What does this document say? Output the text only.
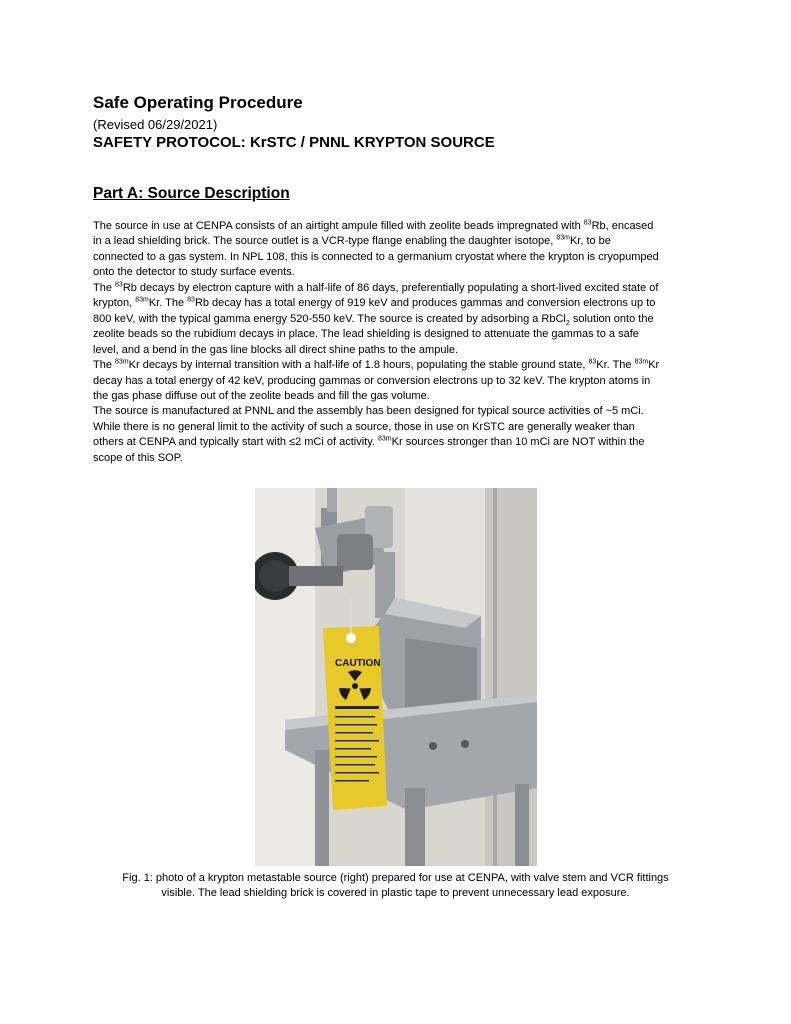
Safe Operating Procedure
(Revised 06/29/2021)
SAFETY PROTOCOL: KrSTC / PNNL KRYPTON SOURCE
Part A: Source Description

The source in use at CENPA consists of an airtight ampule filled with zeolite beads impregnated with $^{83}$Rb, encased
in a lead shielding brick. The source outlet is a VCR-type flange enabling the daughter isotope, $^{83m}$Kr, to be
connected to a gas system. In NPL 108, this is connected to a germanium cryostat where the krypton is cryopumped
onto the detector to study surface events.

The $^{83}$Rb decays by electron capture with a half-life of 86 days, preferentially populating a short-lived excited state of
krypton, $^{83m}$Kr. The $^{83}$Rb decay has a total energy of 919 keV and produces gammas and conversion electrons up to
800 keV, with the typical gamma energy 520-550 keV. The source is created by adsorbing a RbCl$_2$ solution onto the
zeolite beads so the rubidium decays in place. The lead shielding is designed to attenuate the gammas to a safe
level, and a bend in the gas line blocks all direct shine paths to the ampule.

The $^{83m}$Kr decays by internal transition with a half-life of 1.8 hours, populating the stable ground state, $^{83}$Kr. The $^{83m}$Kr
decay has a total energy of 42 keV, producing gammas or conversion electrons up to 32 keV. The krypton atoms in
the gas phase diffuse out of the zeolite beads and fill the gas volume.

The source is manufactured at PNNL and the assembly has been designed for typical source activities of ~5 mCi.
While there is no general limit to the activity of such a source, those in use on KrSTC are generally weaker than
others at CENPA and typically start with ≤2 mCi of activity. $^{83m}$Kr sources stronger than 10 mCi are NOT within the
scope of this SOP.

CAUTION
Fig. 1: photo of a krypton metastable source (right) prepared for use at CENPA, with valve stem and VCR fittings
visible. The lead shielding brick is covered in plastic tape to prevent unnecessary lead exposure.
